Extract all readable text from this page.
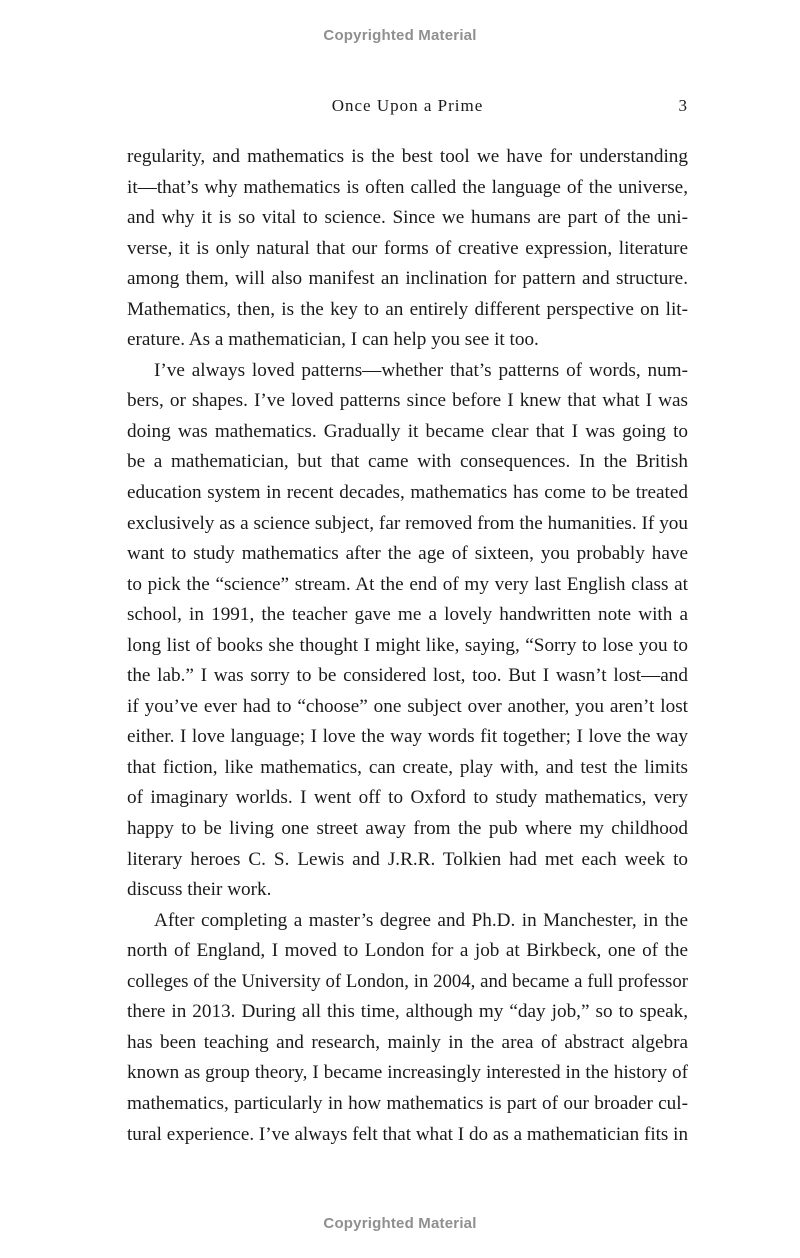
Copyrighted Material
Once Upon a Prime	3
regularity, and mathematics is the best tool we have for understanding
it—that’s why mathematics is often called the language of the universe,
and why it is so vital to science. Since we humans are part of the uni-
verse, it is only natural that our forms of creative expression, literature
among them, will also manifest an inclination for pattern and structure.
Mathematics, then, is the key to an entirely different perspective on lit-
erature. As a mathematician, I can help you see it too.
I’ve always loved patterns—whether that’s patterns of words, num-
bers, or shapes. I’ve loved patterns since before I knew that what I was
doing was mathematics. Gradually it became clear that I was going to
be a mathematician, but that came with consequences. In the British
education system in recent decades, mathematics has come to be treated
exclusively as a science subject, far removed from the humanities. If you
want to study mathematics after the age of sixteen, you probably have
to pick the “science” stream. At the end of my very last English class at
school, in 1991, the teacher gave me a lovely handwritten note with a
long list of books she thought I might like, saying, “Sorry to lose you to
the lab.” I was sorry to be considered lost, too. But I wasn’t lost—and
if you’ve ever had to “choose” one subject over another, you aren’t lost
either. I love language; I love the way words fit together; I love the way
that fiction, like mathematics, can create, play with, and test the limits
of imaginary worlds. I went off to Oxford to study mathematics, very
happy to be living one street away from the pub where my childhood
literary heroes C. S. Lewis and J.R.R. Tolkien had met each week to
discuss their work.
After completing a master’s degree and Ph.D. in Manchester, in the
north of England, I moved to London for a job at Birkbeck, one of the
colleges of the University of London, in 2004, and became a full professor
there in 2013. During all this time, although my “day job,” so to speak,
has been teaching and research, mainly in the area of abstract algebra
known as group theory, I became increasingly interested in the history of
mathematics, particularly in how mathematics is part of our broader cul-
tural experience. I’ve always felt that what I do as a mathematician fits in
Copyrighted Material
